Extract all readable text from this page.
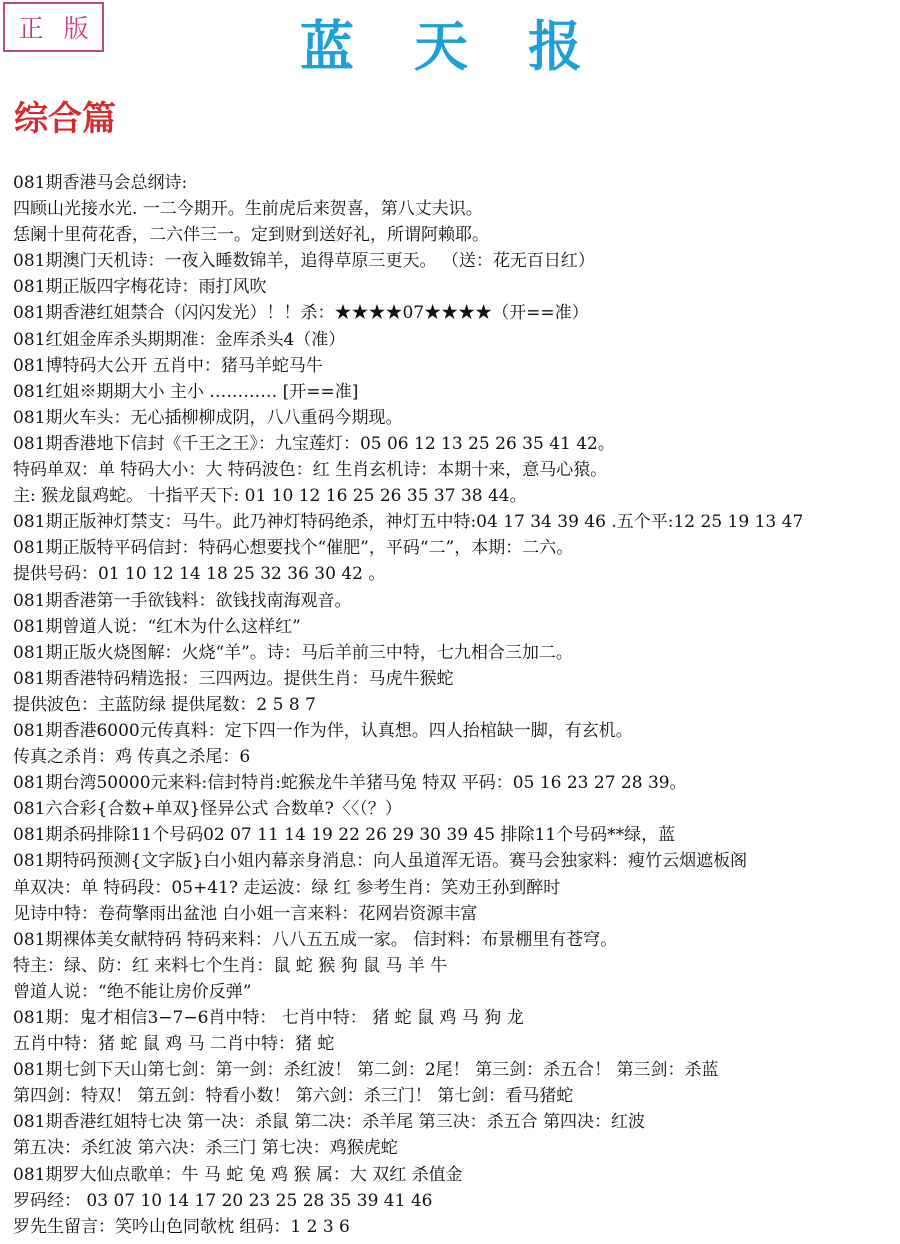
正版	蓝天报
综合篇
081期香港马会总纲诗:
四顾山光接水光. 一二今期开。生前虎后来贺喜，第八丈夫识。
恁阑十里荷花香，二六伴三一。定到财到送好礼，所谓阿赖耶。
081期澳门天机诗：一夜入睡数锦羊，追得草原三更天。 （送：花无百日红）
081期正版四字梅花诗：雨打风吹
081期香港红姐禁合（闪闪发光）！！杀：★★★★07★★★★（开==准）
081红姐金库杀头期期准：金库杀头4（准）
081博特码大公开 五肖中：猪马羊蛇马牛
081红姐※期期大小 主小 ………… [开==准]
081期火车头：无心插柳柳成阴，八八重码今期现。
081期香港地下信封《千王之王》：九宝莲灯：05 06 12 13 25 26 35 41 42。
特码单双：单 特码大小：大 特码波色：红 生肖玄机诗：本期十来，意马心猿。
主: 猴龙鼠鸡蛇。 十指平天下: 01 10 12 16 25 26 35 37 38 44。
081期正版神灯禁支：马牛。此乃神灯特码绝杀，神灯五中特:04 17 34 39 46 .五个平:12 25 19 13 47
081期正版特平码信封：特码心想要找个“催肥”，平码“二”，本期：二六。
提供号码：01 10 12 14 18 25 32 36 30 42 。
081期香港第一手欲钱料：欲钱找南海观音。
081期曾道人说：“红木为什么这样红”
081期正版火烧图解：火烧“羊”。诗：马后羊前三中特，七九相合三加二。
081期香港特码精选报：三四两边。提供生肖：马虎牛猴蛇
提供波色：主蓝防绿 提供尾数：2 5 8 7
081期香港6000元传真料：定下四一作为伴，认真想。四人抬棺缺一脚，有玄机。
传真之杀肖：鸡 传真之杀尾：6
081期台湾50000元来料:信封特肖:蛇猴龙牛羊猪马兔 特双 平码：05 16 23 27 28 39。
081六合彩{合数+单双}怪异公式 合数单?〈〈（？）
081期杀码排除11个号码02 07 11 14 19 22 26 29 30 39 45 排除11个号码**绿，蓝
081期特码预测{文字版}白小姐内幕亲身消息：向人虽道浑无语。赛马会独家料：瘦竹云烟遮板阁
单双决：单 特码段：05+41? 走运波：绿 红 参考生肖：笑劝王孙到醉时
见诗中特：卷荷擎雨出盆池 白小姐一言来料：花网岩资源丰富
081期裸体美女献特码 特码来料：八八五五成一家。 信封料：布景棚里有苍穹。
特主：绿、防：红 来料七个生肖：鼠 蛇 猴 狗 鼠 马 羊 牛
曾道人说：“绝不能让房价反弹”
081期：鬼才相信3−7−6肖中特： 七肖中特： 猪 蛇 鼠 鸡 马 狗 龙
五肖中特：猪 蛇 鼠 鸡 马 二肖中特：猪 蛇
081期七剑下天山第七剑：第一剑：杀红波！ 第二剑：2尾！ 第三剑：杀五合！ 第三剑：杀蓝
第四剑：特双！ 第五剑：特看小数！ 第六剑：杀三门！ 第七剑：看马猪蛇
081期香港红姐特七决 第一决：杀鼠 第二决：杀羊尾 第三决：杀五合 第四决：红波
第五决：杀红波 第六决：杀三门 第七决：鸡猴虎蛇
081期罗大仙点歌单：牛 马 蛇 兔 鸡 猴 属：大 双红 杀值金
罗码经： 03 07 10 14 17 20 23 25 28 35 39 41 46
罗先生留言：笑吟山色同欹枕 组码：1 2 3 6
